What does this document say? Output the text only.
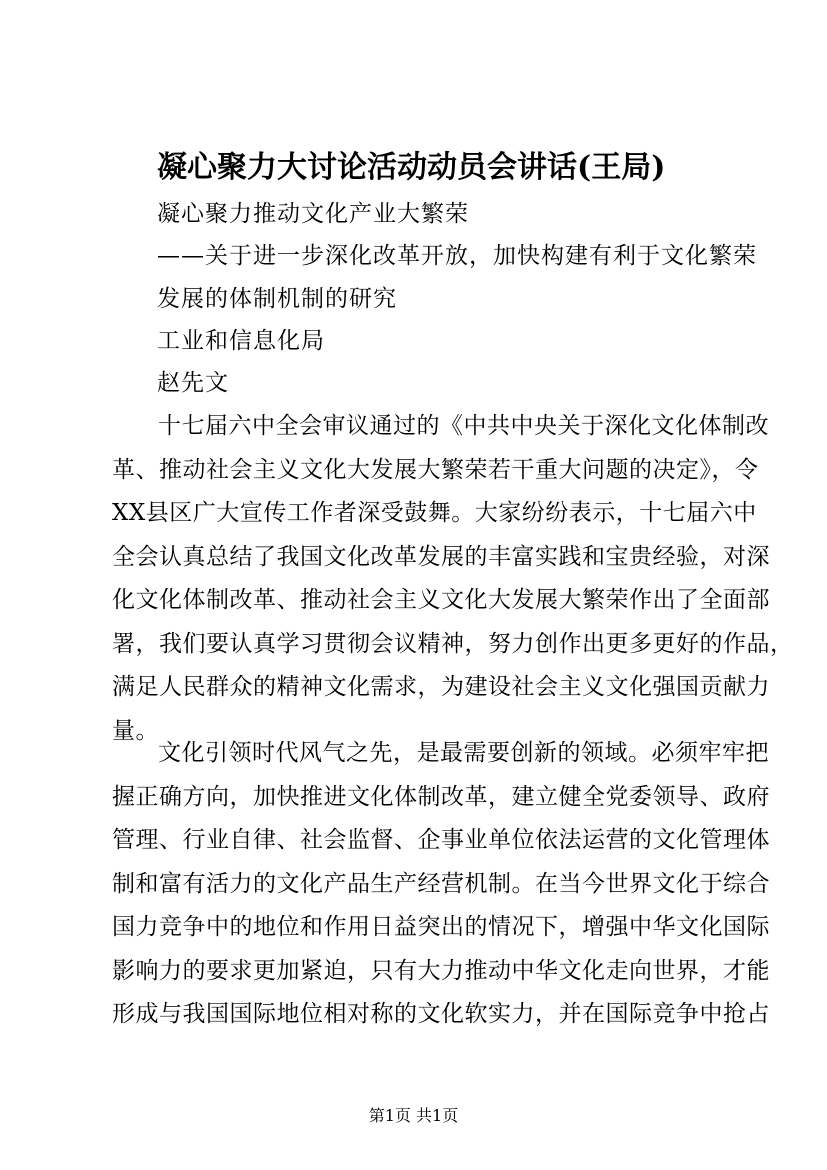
凝心聚力大讨论活动动员会讲话(王局)
凝心聚力推动文化产业大繁荣
——关于进一步深化改革开放，加快构建有利于文化繁荣
发展的体制机制的研究
工业和信息化局
赵先文
十七届六中全会审议通过的《中共中央关于深化文化体制改
革、推动社会主义文化大发展大繁荣若干重大问题的决定》，令
XX县区广大宣传工作者深受鼓舞。大家纷纷表示，十七届六中
全会认真总结了我国文化改革发展的丰富实践和宝贵经验，对深
化文化体制改革、推动社会主义文化大发展大繁荣作出了全面部
署，我们要认真学习贯彻会议精神，努力创作出更多更好的作品，
满足人民群众的精神文化需求，为建设社会主义文化强国贡献力
量。
文化引领时代风气之先，是最需要创新的领域。必须牢牢把
握正确方向，加快推进文化体制改革，建立健全党委领导、政府
管理、行业自律、社会监督、企事业单位依法运营的文化管理体
制和富有活力的文化产品生产经营机制。在当今世界文化于综合
国力竞争中的地位和作用日益突出的情况下，增强中华文化国际
影响力的要求更加紧迫，只有大力推动中华文化走向世界，才能
形成与我国国际地位相对称的文化软实力，并在国际竞争中抢占
第1页 共1页
